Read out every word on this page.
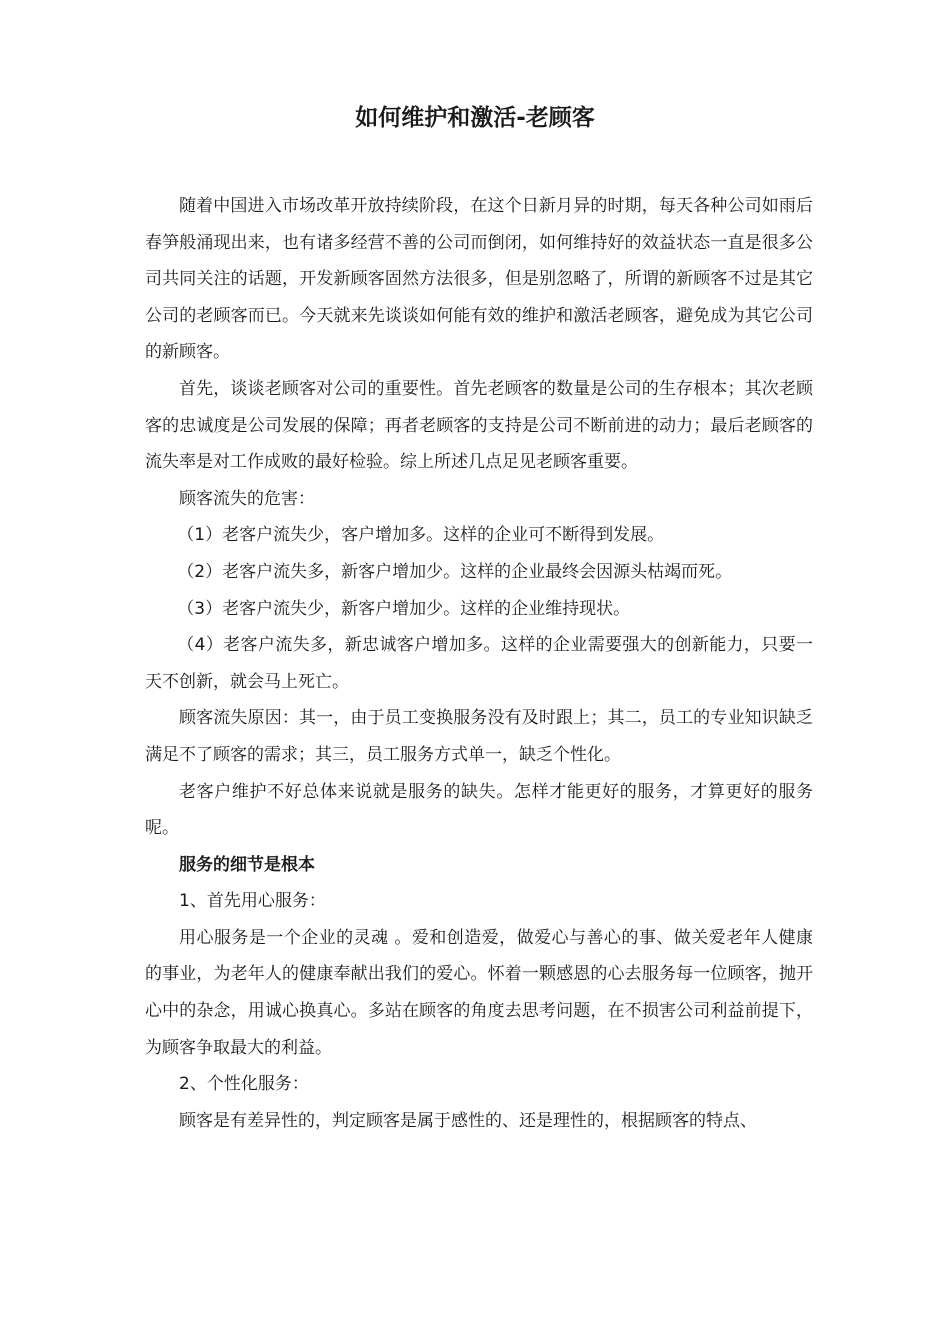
如何维护和激活-老顾客

随着中国进入市场改革开放持续阶段，在这个日新月异的时期，每天各种公司如雨后春笋般涌现出来，也有诸多经营不善的公司而倒闭，如何维持好的效益状态一直是很多公司共同关注的话题，开发新顾客固然方法很多，但是别忽略了，所谓的新顾客不过是其它公司的老顾客而已。今天就来先谈谈如何能有效的维护和激活老顾客，避免成为其它公司的新顾客。

首先，谈谈老顾客对公司的重要性。首先老顾客的数量是公司的生存根本；其次老顾客的忠诚度是公司发展的保障；再者老顾客的支持是公司不断前进的动力；最后老顾客的流失率是对工作成败的最好检验。综上所述几点足见老顾客重要。

顾客流失的危害：

（1）老客户流失少，客户增加多。这样的企业可不断得到发展。

（2）老客户流失多，新客户增加少。这样的企业最终会因源头枯竭而死。

（3）老客户流失少，新客户增加少。这样的企业维持现状。

（4）老客户流失多，新忠诚客户增加多。这样的企业需要强大的创新能力，只要一天不创新，就会马上死亡。

顾客流失原因：其一，由于员工变换服务没有及时跟上；其二，员工的专业知识缺乏满足不了顾客的需求；其三，员工服务方式单一，缺乏个性化。

老客户维护不好总体来说就是服务的缺失。怎样才能更好的服务，才算更好的服务呢。

服务的细节是根本

1、首先用心服务：

用心服务是一个企业的灵魂 。爱和创造爱，做爱心与善心的事、做关爱老年人健康的事业，为老年人的健康奉献出我们的爱心。怀着一颗感恩的心去服务每一位顾客，抛开心中的杂念，用诚心换真心。多站在顾客的角度去思考问题，在不损害公司利益前提下，为顾客争取最大的利益。

2、个性化服务：

顾客是有差异性的，判定顾客是属于感性的、还是理性的，根据顾客的特点、
